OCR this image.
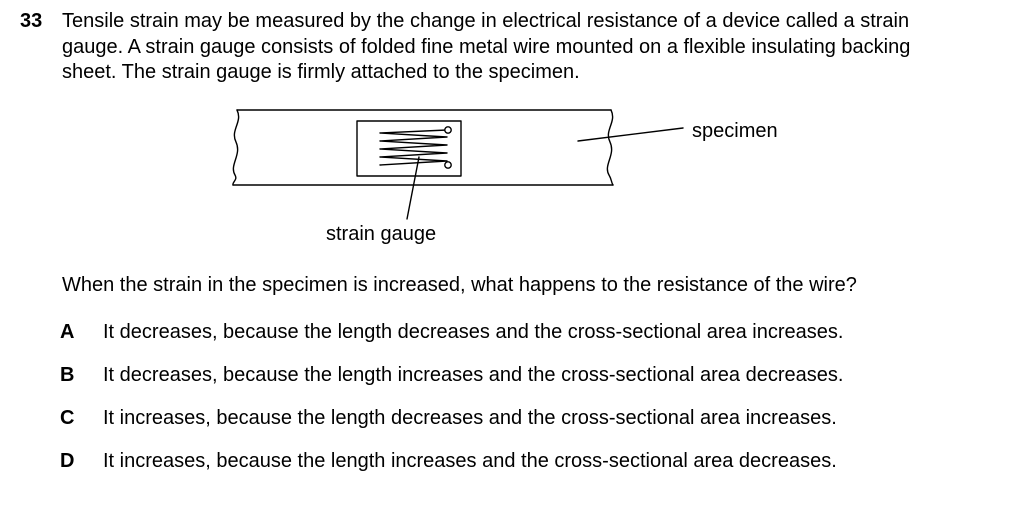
33 Tensile strain may be measured by the change in electrical resistance of a device called a strain
gauge. A strain gauge consists of folded fine metal wire mounted on a flexible insulating backing
sheet. The strain gauge is firmly attached to the specimen.
specimen
strain gauge
When the strain in the specimen is increased, what happens to the resistance of the wire?
A	It decreases, because the length decreases and the cross-sectional area increases.
B	It decreases, because the length increases and the cross-sectional area decreases.
C	It increases, because the length decreases and the cross-sectional area increases.
D	It increases, because the length increases and the cross-sectional area decreases.
